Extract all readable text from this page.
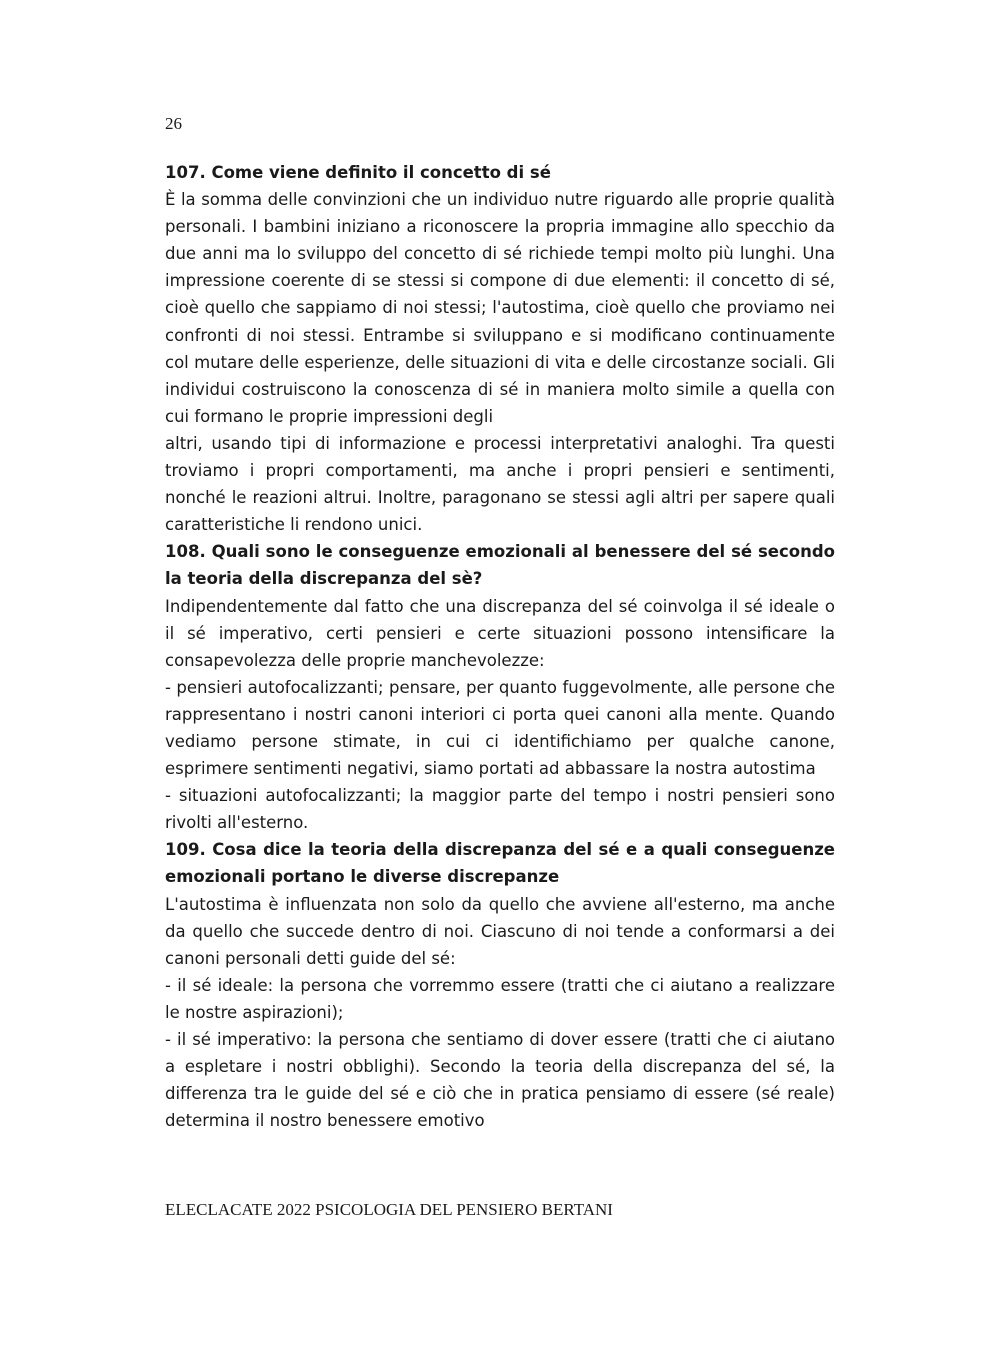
26

107. Come viene definito il concetto di sé

È la somma delle convinzioni che un individuo nutre riguardo alle proprie qualità personali. I bambini iniziano a riconoscere la propria immagine allo specchio da due anni ma lo sviluppo del concetto di sé richiede tempi molto più lunghi. Una impressione coerente di se stessi si compone di due elementi: il concetto di sé, cioè quello che sappiamo di noi stessi; l'autostima, cioè quello che proviamo nei confronti di noi stessi. Entrambe si sviluppano e si modificano continuamente col mutare delle esperienze, delle situazioni di vita e delle circostanze sociali. Gli individui costruiscono la conoscenza di sé in maniera molto simile a quella con cui formano le proprie impressioni degli

altri, usando tipi di informazione e processi interpretativi analoghi. Tra questi troviamo i propri comportamenti, ma anche i propri pensieri e sentimenti, nonché le reazioni altrui. Inoltre, paragonano se stessi agli altri per sapere quali caratteristiche li rendono unici.

108. Quali sono le conseguenze emozionali al benessere del sé secondo la teoria della discrepanza del sè?

Indipendentemente dal fatto che una discrepanza del sé coinvolga il sé ideale o il sé imperativo, certi pensieri e certe situazioni possono intensificare la consapevolezza delle proprie manchevolezze:

- pensieri autofocalizzanti; pensare, per quanto fuggevolmente, alle persone che rappresentano i nostri canoni interiori ci porta quei canoni alla mente. Quando vediamo persone stimate, in cui ci identifichiamo per qualche canone, esprimere sentimenti negativi, siamo portati ad abbassare la nostra autostima

- situazioni autofocalizzanti; la maggior parte del tempo i nostri pensieri sono rivolti all'esterno.

109. Cosa dice la teoria della discrepanza del sé e a quali conseguenze emozionali portano le diverse discrepanze

L'autostima è influenzata non solo da quello che avviene all'esterno, ma anche da quello che succede dentro di noi. Ciascuno di noi tende a conformarsi a dei canoni personali detti guide del sé:

- il sé ideale: la persona che vorremmo essere (tratti che ci aiutano a realizzare le nostre aspirazioni);

- il sé imperativo: la persona che sentiamo di dover essere (tratti che ci aiutano a espletare i nostri obblighi). Secondo la teoria della discrepanza del sé, la differenza tra le guide del sé e ciò che in pratica pensiamo di essere (sé reale) determina il nostro benessere emotivo

ELECLACATE 2022 PSICOLOGIA DEL PENSIERO BERTANI
